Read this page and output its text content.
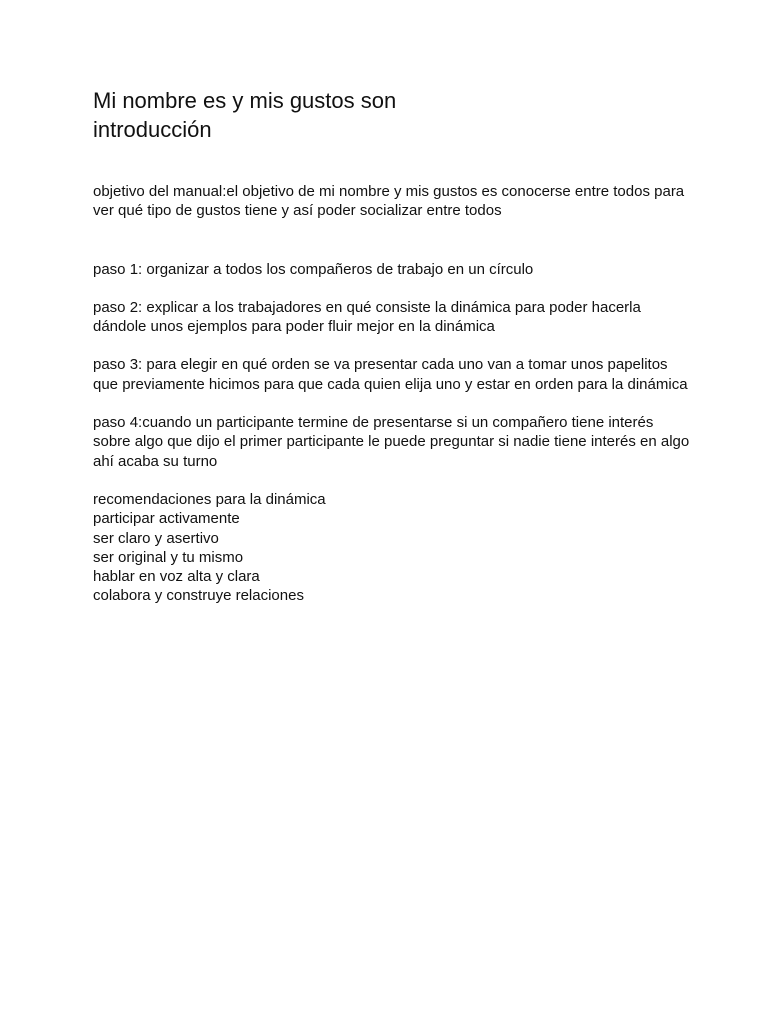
Mi nombre es y mis gustos son
introducción

objetivo del manual:el objetivo de mi nombre y mis gustos es conocerse entre todos para ver qué tipo de gustos tiene y así poder socializar entre todos

paso 1: organizar a todos los compañeros de trabajo en un círculo

paso 2: explicar a los trabajadores en qué consiste la dinámica para poder hacerla dándole unos ejemplos para poder fluir mejor en la dinámica

paso 3: para elegir en qué orden se va presentar cada uno van a tomar unos papelitos que previamente hicimos para que cada quien elija uno y estar en orden para la dinámica

paso 4:cuando un participante termine de presentarse si un compañero tiene interés sobre algo que dijo el primer participante le puede preguntar si nadie tiene interés en algo ahí acaba su turno

recomendaciones para la dinámica

participar activamente
ser claro y asertivo
ser original y tu mismo
hablar en voz alta y clara
colabora y construye relaciones
